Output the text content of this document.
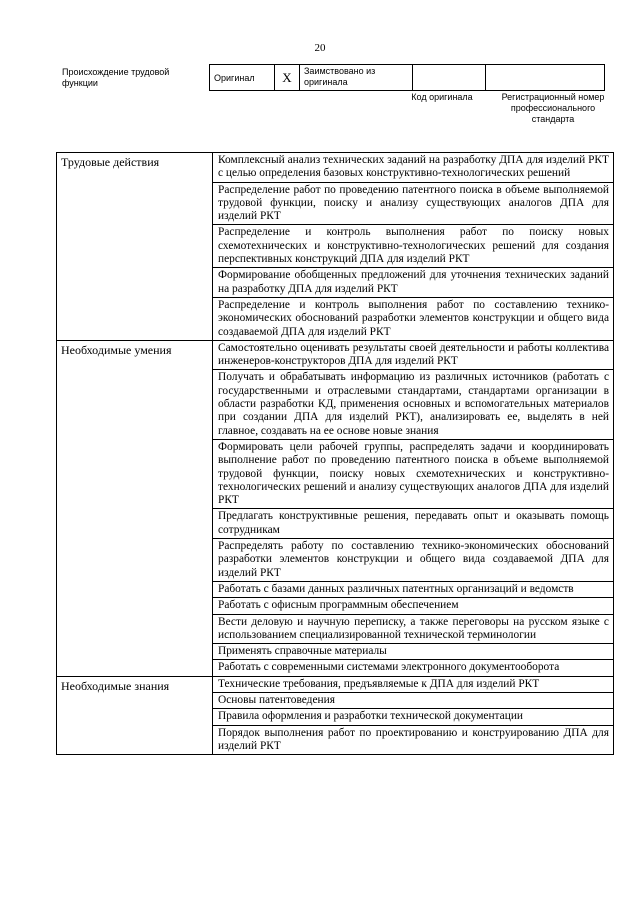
20
Происхождение трудовой функции
Оригинал	X	Заимствовано из оригинала		
Код оригинала	Регистрационный номер профессионального стандарта
Трудовые действия	Комплексный анализ технических заданий на разработку ДПА для изделий РКТ с целью определения базовых конструктивно-технологических решений
	Распределение работ по проведению патентного поиска в объеме выполняемой трудовой функции, поиску и анализу существующих аналогов ДПА для изделий РКТ
	Распределение и контроль выполнения работ по поиску новых схемотехнических и конструктивно-технологических решений для создания перспективных конструкций ДПА для изделий РКТ
	Формирование обобщенных предложений для уточнения технических заданий на разработку ДПА для изделий РКТ
	Распределение и контроль выполнения работ по составлению технико-экономических обоснований разработки элементов конструкции и общего вида создаваемой ДПА для изделий РКТ
Необходимые умения	Самостоятельно оценивать результаты своей деятельности и работы коллектива инженеров-конструкторов ДПА для изделий РКТ
	Получать и обрабатывать информацию из различных источников (работать с государственными и отраслевыми стандартами, стандартами организации в области разработки КД, применения основных и вспомогательных материалов при создании ДПА для изделий РКТ), анализировать ее, выделять в ней главное, создавать на ее основе новые знания
	Формировать цели рабочей группы, распределять задачи и координировать выполнение работ по проведению патентного поиска в объеме выполняемой трудовой функции, поиску новых схемотехнических и конструктивно-технологических решений и анализу существующих аналогов ДПА для изделий РКТ
	Предлагать конструктивные решения, передавать опыт и оказывать помощь сотрудникам
	Распределять работу по составлению технико-экономических обоснований разработки элементов конструкции и общего вида создаваемой ДПА для изделий РКТ
	Работать с базами данных различных патентных организаций и ведомств
	Работать с офисным программным обеспечением
	Вести деловую и научную переписку, а также переговоры на русском языке с использованием специализированной технической терминологии
	Применять справочные материалы
	Работать с современными системами электронного документооборота
Необходимые знания	Технические требования, предъявляемые к ДПА для изделий РКТ
	Основы патентоведения
	Правила оформления и разработки технической документации
	Порядок выполнения работ по проектированию и конструированию ДПА для изделий РКТ
